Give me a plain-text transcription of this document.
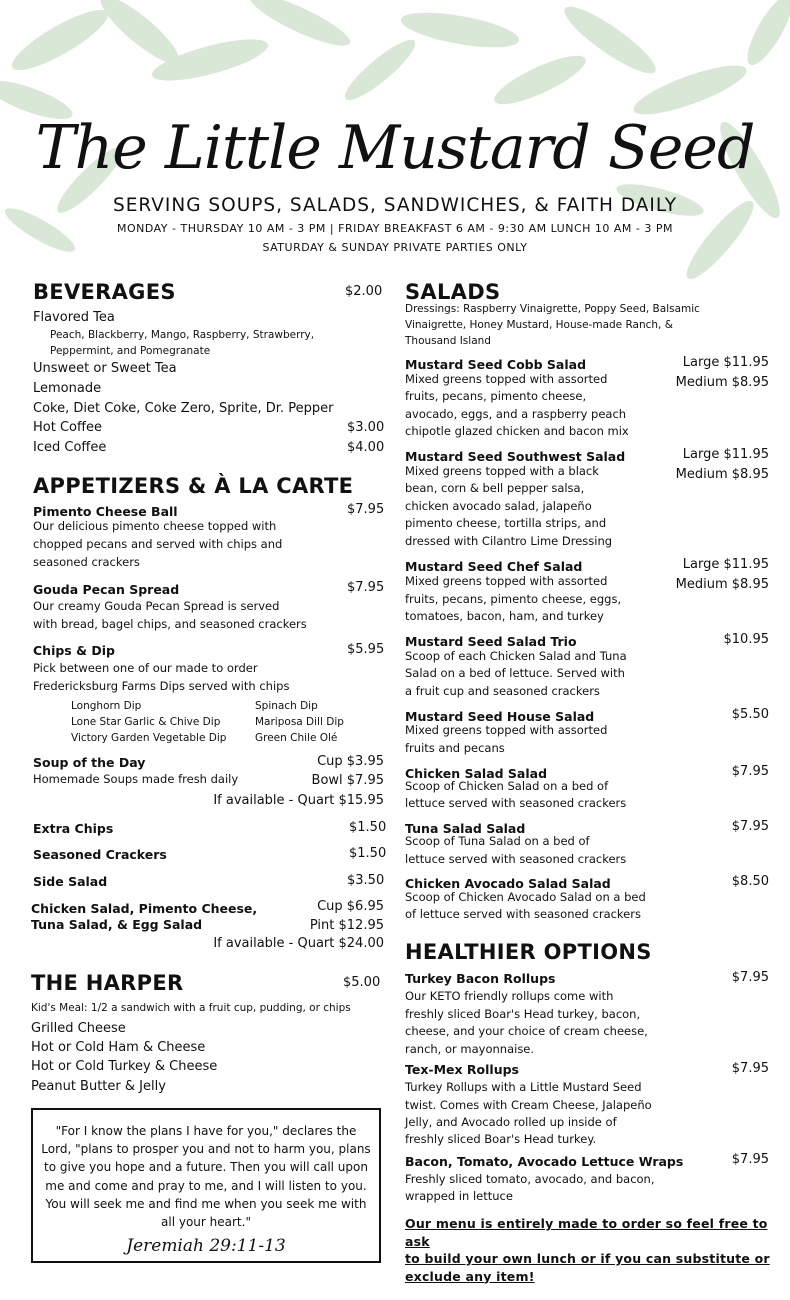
The Little Mustard Seed
SERVING SOUPS, SALADS, SANDWICHES, & FAITH DAILY
MONDAY - THURSDAY 10 AM - 3 PM | FRIDAY BREAKFAST 6 AM - 9:30 AM LUNCH 10 AM - 3 PM
SATURDAY & SUNDAY PRIVATE PARTIES ONLY
BEVERAGES	$2.00
Flavored Tea
Peach, Blackberry, Mango, Raspberry, Strawberry,
Peppermint, and Pomegranate
Unsweet or Sweet Tea
Lemonade
Coke, Diet Coke, Coke Zero, Sprite, Dr. Pepper
Hot Coffee	$3.00
Iced Coffee	$4.00
APPETIZERS & À LA CARTE
Pimento Cheese Ball	$7.95
Our delicious pimento cheese topped with
chopped pecans and served with chips and
seasoned crackers
Gouda Pecan Spread	$7.95
Our creamy Gouda Pecan Spread is served
with bread, bagel chips, and seasoned crackers
Chips & Dip	$5.95
Pick between one of our made to order
Fredericksburg Farms Dips served with chips
Longhorn Dip	Spinach Dip
Lone Star Garlic & Chive Dip	Mariposa Dill Dip
Victory Garden Vegetable Dip	Green Chile Olé
Soup of the Day	Cup $3.95
Homemade Soups made fresh daily	Bowl $7.95
If available - Quart $15.95
Extra Chips	$1.50
Seasoned Crackers	$1.50
Side Salad	$3.50
Chicken Salad, Pimento Cheese,
Tuna Salad, & Egg Salad
Cup $6.95
Pint $12.95
If available - Quart $24.00
THE HARPER	$5.00
Kid's Meal: 1/2 a sandwich with a fruit cup, pudding, or chips
Grilled Cheese
Hot or Cold Ham & Cheese
Hot or Cold Turkey & Cheese
Peanut Butter & Jelly
"For I know the plans I have for you," declares the Lord, "plans to prosper you and not to harm you, plans to give you hope and a future. Then you will call upon me and come and pray to me, and I will listen to you. You will seek me and find me when you seek me with all your heart."
Jeremiah 29:11-13
SALADS
Dressings: Raspberry Vinaigrette, Poppy Seed, Balsamic
Vinaigrette, Honey Mustard, House-made Ranch, &
Thousand Island
Mustard Seed Cobb Salad	Large $11.95
Medium $8.95
Mixed greens topped with assorted
fruits, pecans, pimento cheese,
avocado, eggs, and a raspberry peach
chipotle glazed chicken and bacon mix
Mustard Seed Southwest Salad	Large $11.95
Medium $8.95
Mixed greens topped with a black
bean, corn & bell pepper salsa,
chicken avocado salad, jalapeño
pimento cheese, tortilla strips, and
dressed with Cilantro Lime Dressing
Mustard Seed Chef Salad	Large $11.95
Medium $8.95
Mixed greens topped with assorted
fruits, pecans, pimento cheese, eggs,
tomatoes, bacon, ham, and turkey
Mustard Seed Salad Trio	$10.95
Scoop of each Chicken Salad and Tuna
Salad on a bed of lettuce. Served with
a fruit cup and seasoned crackers
Mustard Seed House Salad	$5.50
Mixed greens topped with assorted
fruits and pecans
Chicken Salad Salad	$7.95
Scoop of Chicken Salad on a bed of
lettuce served with seasoned crackers
Tuna Salad Salad	$7.95
Scoop of Tuna Salad on a bed of
lettuce served with seasoned crackers
Chicken Avocado Salad Salad	$8.50
Scoop of Chicken Avocado Salad on a bed
of lettuce served with seasoned crackers
HEALTHIER OPTIONS
Turkey Bacon Rollups	$7.95
Our KETO friendly rollups come with
freshly sliced Boar's Head turkey, bacon,
cheese, and your choice of cream cheese,
ranch, or mayonnaise.
Tex-Mex Rollups	$7.95
Turkey Rollups with a Little Mustard Seed
twist. Comes with Cream Cheese, Jalapeño
Jelly, and Avocado rolled up inside of
freshly sliced Boar's Head turkey.
Bacon, Tomato, Avocado Lettuce Wraps	$7.95
Freshly sliced tomato, avocado, and bacon,
wrapped in lettuce
Our menu is entirely made to order so feel free to ask
to build your own lunch or if you can substitute or
exclude any item!
